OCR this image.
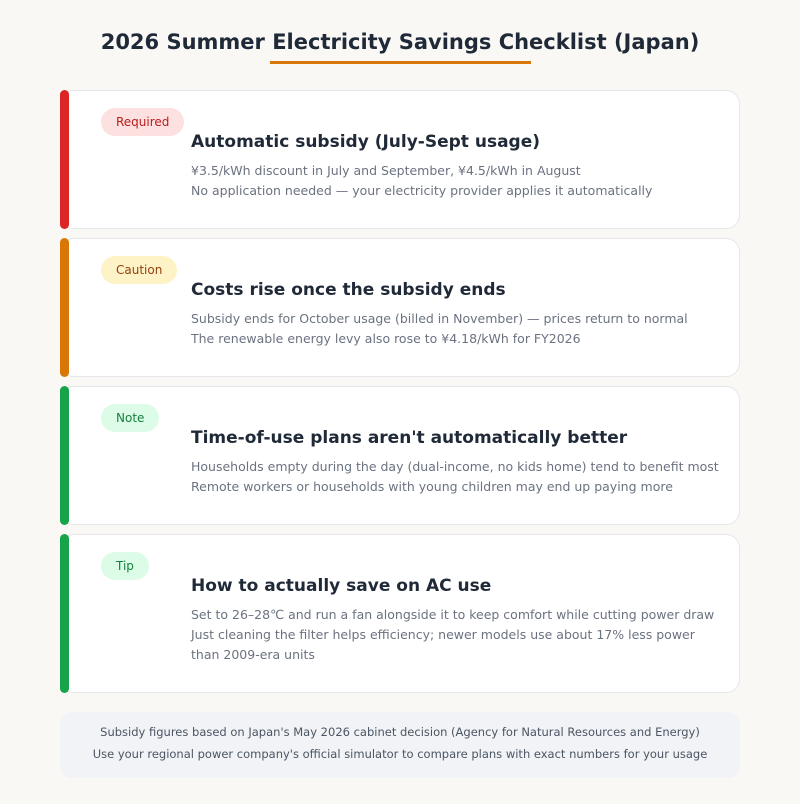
2026 Summer Electricity Savings Checklist (Japan)
Required
Automatic subsidy (July-Sept usage)
¥3.5/kWh discount in July and September, ¥4.5/kWh in August
No application needed — your electricity provider applies it automatically
Caution
Costs rise once the subsidy ends
Subsidy ends for October usage (billed in November) — prices return to normal
The renewable energy levy also rose to ¥4.18/kWh for FY2026
Note
Time-of-use plans aren't automatically better
Households empty during the day (dual-income, no kids home) tend to benefit most
Remote workers or households with young children may end up paying more
Tip
How to actually save on AC use
Set to 26–28℃ and run a fan alongside it to keep comfort while cutting power draw
Just cleaning the filter helps efficiency; newer models use about 17% less power than 2009-era units
Subsidy figures based on Japan's May 2026 cabinet decision (Agency for Natural Resources and Energy)
Use your regional power company's official simulator to compare plans with exact numbers for your usage
